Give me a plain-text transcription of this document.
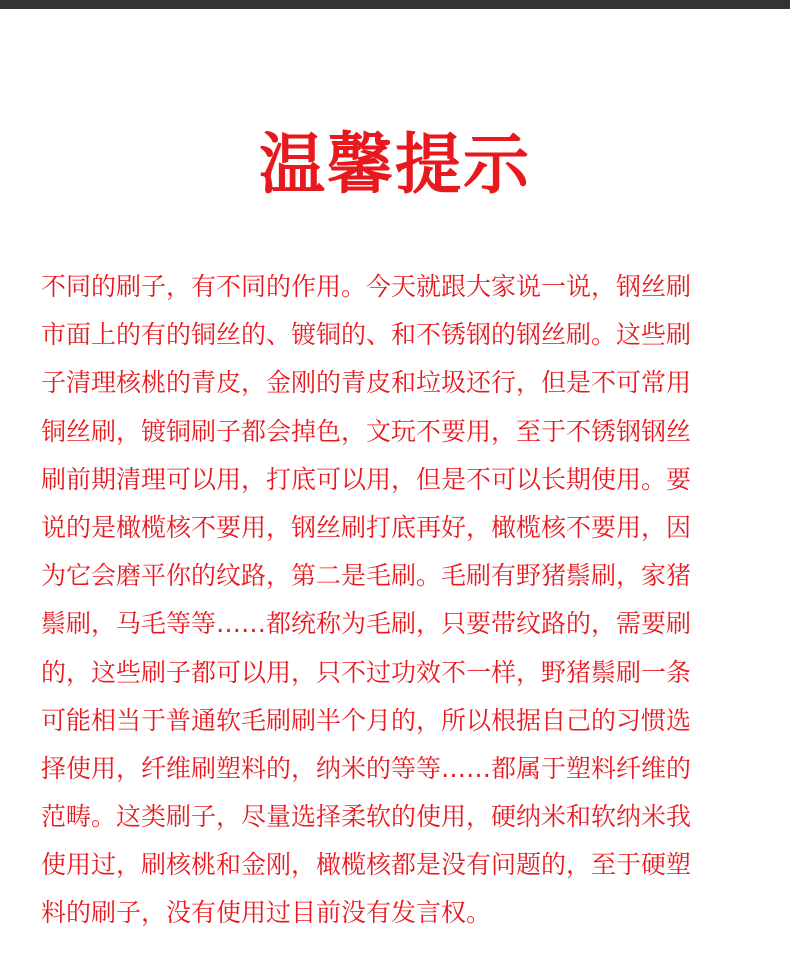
温馨提示
不同的刷子，有不同的作用。今天就跟大家说一说，钢丝刷
市面上的有的铜丝的、镀铜的、和不锈钢的钢丝刷。这些刷
子清理核桃的青皮，金刚的青皮和垃圾还行，但是不可常用
铜丝刷，镀铜刷子都会掉色，文玩不要用，至于不锈钢钢丝
刷前期清理可以用，打底可以用，但是不可以长期使用。要
说的是橄榄核不要用，钢丝刷打底再好，橄榄核不要用，因
为它会磨平你的纹路，第二是毛刷。毛刷有野猪鬃刷，家猪
鬃刷，马毛等等……都统称为毛刷，只要带纹路的，需要刷
的，这些刷子都可以用，只不过功效不一样，野猪鬃刷一条
可能相当于普通软毛刷刷半个月的，所以根据自己的习惯选
择使用，纤维刷塑料的，纳米的等等……都属于塑料纤维的
范畴。这类刷子，尽量选择柔软的使用，硬纳米和软纳米我
使用过，刷核桃和金刚，橄榄核都是没有问题的，至于硬塑
料的刷子，没有使用过目前没有发言权。
